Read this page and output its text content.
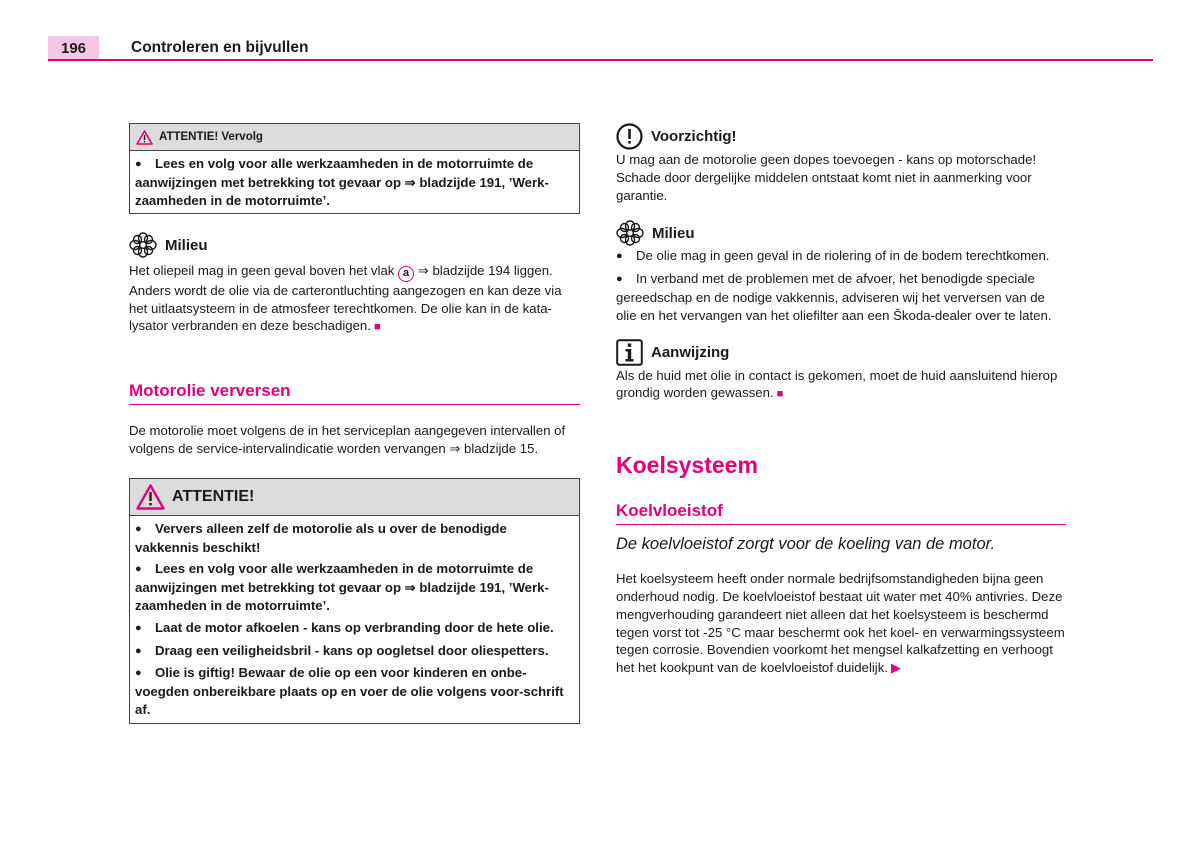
196	Controleren en bijvullen
ATTENTIE! Vervolg

● Lees en volg voor alle werkzaamheden in de motorruimte de aanwijzingen met betrekking tot gevaar op ⇒ bladzijde 191, ’Werk-zaamheden in de motorruimte’.

Milieu

Het oliepeil mag in geen geval boven het vlak a ⇒ bladzijde 194 liggen. Anders wordt de olie via de carterontluchting aangezogen en kan deze via het uitlaatsysteem in de atmosfeer terechtkomen. De olie kan in de kata-lysator verbranden en deze beschadigen. ■

Motorolie verversen

De motorolie moet volgens de in het serviceplan aangegeven intervallen of volgens de service-intervalindicatie worden vervangen ⇒ bladzijde 15.

ATTENTIE!

● Ververs alleen zelf de motorolie als u over de benodigde vakkennis beschikt!

● Lees en volg voor alle werkzaamheden in de motorruimte de aanwijzingen met betrekking tot gevaar op ⇒ bladzijde 191, ’Werk-zaamheden in de motorruimte’.

● Laat de motor afkoelen - kans op verbranding door de hete olie.

● Draag een veiligheidsbril - kans op oogletsel door oliespetters.

● Olie is giftig! Bewaar de olie op een voor kinderen en onbe-voegden onbereikbare plaats op en voer de olie volgens voor-schrift af.

Voorzichtig!

U mag aan de motorolie geen dopes toevoegen - kans op motorschade! Schade door dergelijke middelen ontstaat komt niet in aanmerking voor garantie.

Milieu

● De olie mag in geen geval in de riolering of in de bodem terechtkomen.

● In verband met de problemen met de afvoer, het benodigde speciale gereedschap en de nodige vakkennis, adviseren wij het verversen van de olie en het vervangen van het oliefilter aan een Škoda-dealer over te laten.

Aanwijzing

Als de huid met olie in contact is gekomen, moet de huid aansluitend hierop grondig worden gewassen. ■

Koelsysteem
Koelvloeistof

De koelvloeistof zorgt voor de koeling van de motor.

Het koelsysteem heeft onder normale bedrijfsomstandigheden bijna geen onderhoud nodig. De koelvloeistof bestaat uit water met 40% antivries. Deze mengverhouding garandeert niet alleen dat het koelsysteem is beschermd tegen vorst tot -25 °C maar beschermt ook het koel- en verwarmingssysteem tegen corrosie. Bovendien voorkomt het mengsel kalkafzetting en verhoogt het het kookpunt van de koelvloeistof duidelijk. ▶
